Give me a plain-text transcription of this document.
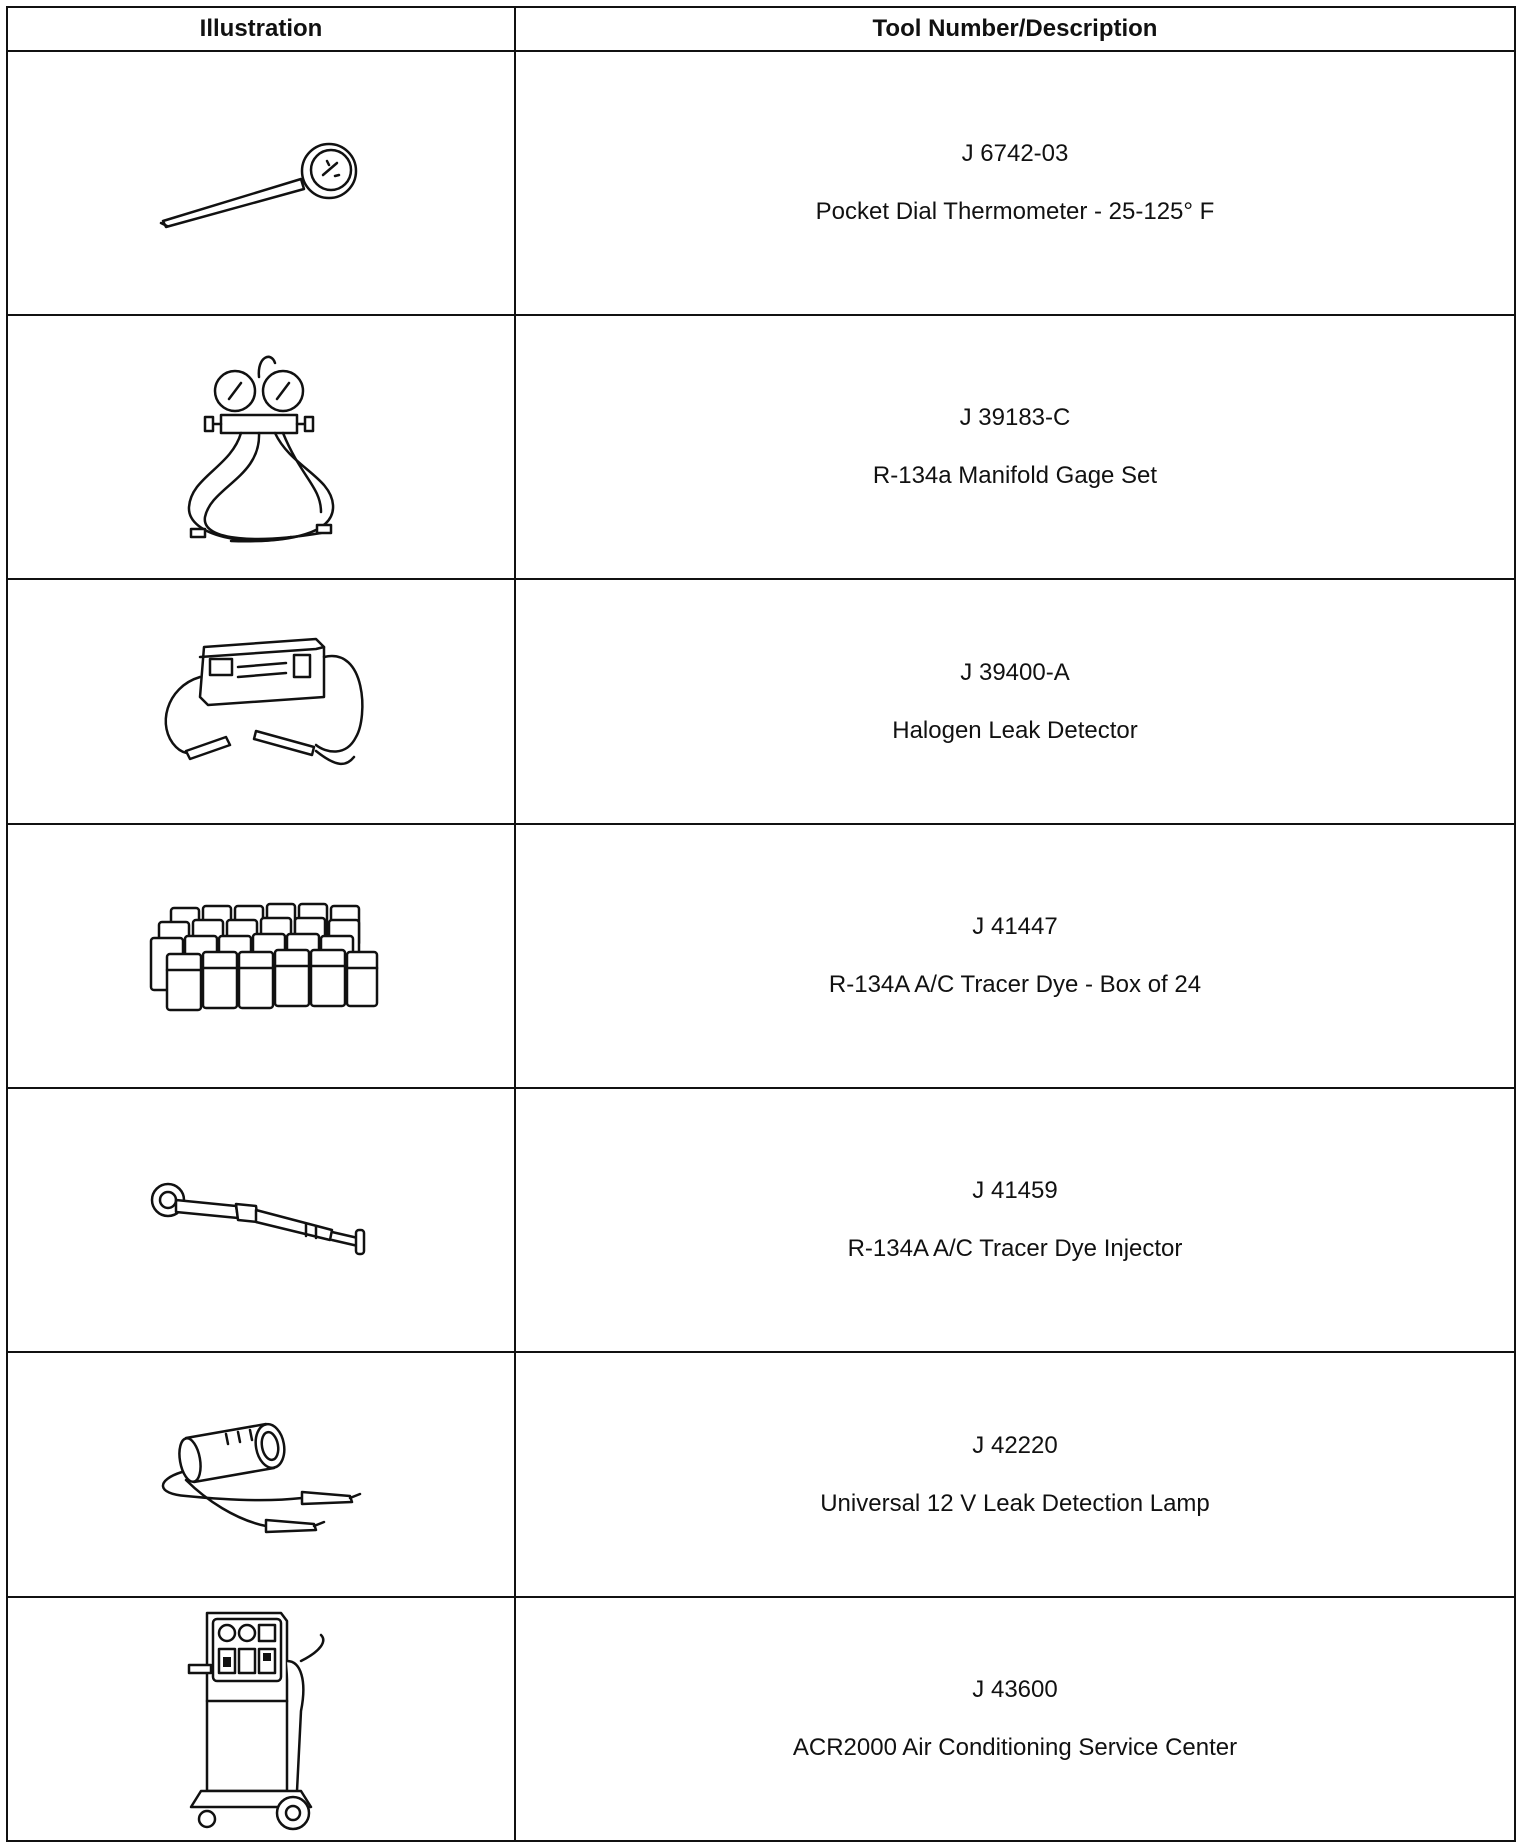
Illustration	Tool Number/Description

J 6742-03
Pocket Dial Thermometer - 25-125° F

J 39183-C
R-134a Manifold Gage Set

J 39400-A
Halogen Leak Detector

J 41447
R-134A A/C Tracer Dye - Box of 24

J 41459
R-134A A/C Tracer Dye Injector

J 42220
Universal 12 V Leak Detection Lamp

J 43600
ACR2000 Air Conditioning Service Center
